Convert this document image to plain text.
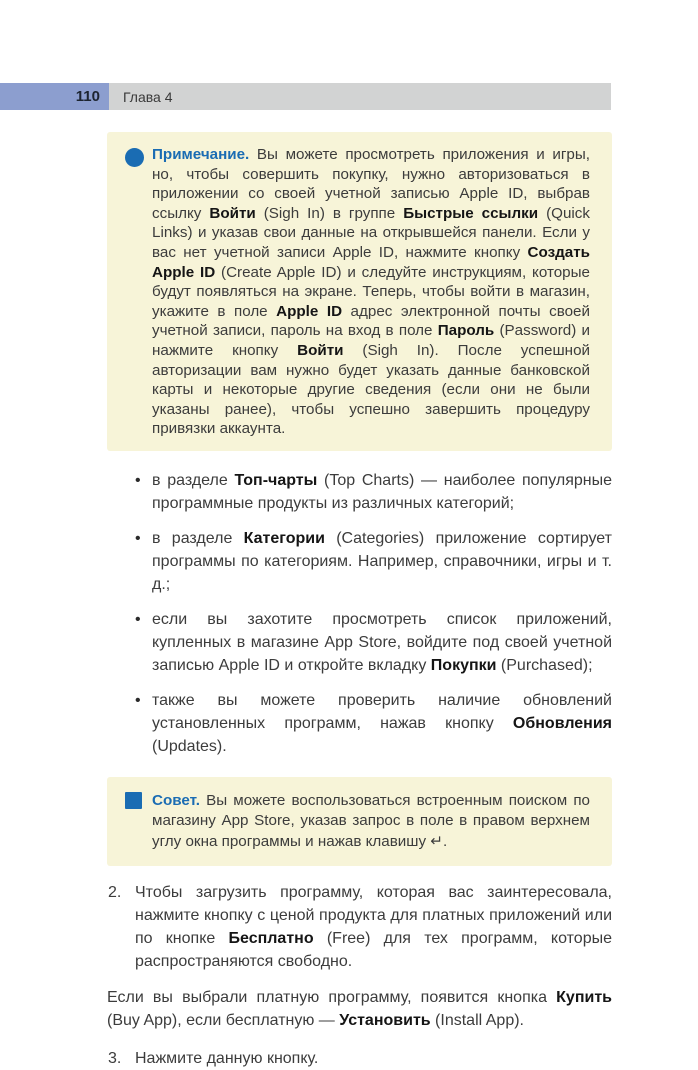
110	Глава 4

Примечание. Вы можете просмотреть приложения и игры, но, чтобы совершить покупку, нужно авторизоваться в приложении со своей учетной записью Apple ID, выбрав ссылку Войти (Sigh In) в группе Быстрые ссылки (Quick Links) и указав свои данные на открывшейся панели. Если у вас нет учетной записи Apple ID, нажмите кнопку Создать Apple ID (Create Apple ID) и следуйте инструкциям, которые будут появляться на экране. Теперь, чтобы войти в магазин, укажите в поле Apple ID адрес электронной почты своей учетной записи, пароль на вход в поле Пароль (Password) и нажмите кнопку Войти (Sigh In). После успешной авторизации вам нужно будет указать данные банковской карты и некоторые другие сведения (если они не были указаны ранее), чтобы успешно завершить процедуру привязки аккаунта.

• в разделе Топ-чарты (Top Charts) — наиболее популярные программные продукты из различных категорий;
• в разделе Категории (Categories) приложение сортирует программы по категориям. Например, справочники, игры и т. д.;
• если вы захотите просмотреть список приложений, купленных в магазине App Store, войдите под своей учетной записью Apple ID и откройте вкладку Покупки (Purchased);
• также вы можете проверить наличие обновлений установленных программ, нажав кнопку Обновления (Updates).

Совет. Вы можете воспользоваться встроенным поиском по магазину App Store, указав запрос в поле в правом верхнем углу окна программы и нажав клавишу ↵.

2. Чтобы загрузить программу, которая вас заинтересовала, нажмите кнопку с ценой продукта для платных приложений или по кнопке Бесплатно (Free) для тех программ, которые распространяются свободно.

Если вы выбрали платную программу, появится кнопка Купить (Buy App), если бесплатную — Установить (Install App).

3. Нажмите данную кнопку.
